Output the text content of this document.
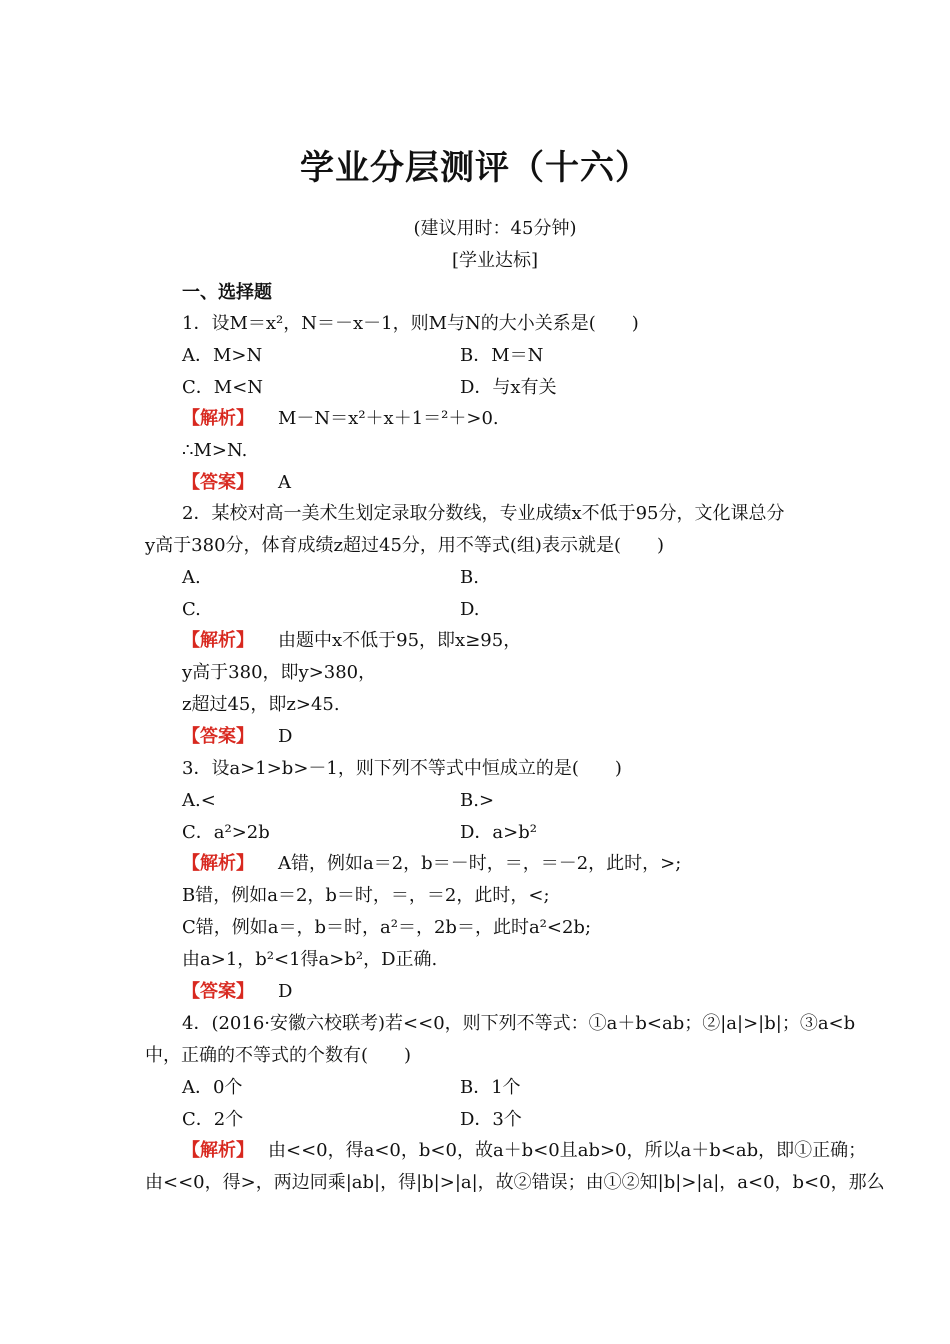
学业分层测评（十六）
(建议用时：45分钟)
[学业达标]
一、选择题
1．设M＝x²，N＝－x－1，则M与N的大小关系是(　　)
A．M>N	B．M＝N
C．M<N	D．与x有关
【解析】 M－N＝x²＋x＋1＝²＋>0.
∴M>N.
【答案】 A
2．某校对高一美术生划定录取分数线，专业成绩x不低于95分，文化课总分
y高于380分，体育成绩z超过45分，用不等式(组)表示就是(　　)
A.	B.
C.	D.
【解析】 由题中x不低于95，即x≥95，
y高于380，即y>380，
z超过45，即z>45.
【答案】 D
3．设a>1>b>－1，则下列不等式中恒成立的是(　　)
A.<	B.>
C．a²>2b	D．a>b²
【解析】 A错，例如a＝2，b＝－时，＝，＝－2，此时，>;
B错，例如a＝2，b＝时，＝，＝2，此时，<;
C错，例如a＝，b＝时，a²＝，2b＝，此时a²<2b;
由a>1，b²<1得a>b²，D正确.
【答案】 D
4．(2016·安徽六校联考)若<<0，则下列不等式：①a＋b<ab；②|a|>|b|；③a<b
中，正确的不等式的个数有(　　)
A．0个	B．1个
C．2个	D．3个
【解析】 由<<0，得a<0，b<0，故a＋b<0且ab>0，所以a＋b<ab，即①正确；
由<<0，得>，两边同乘|ab|，得|b|>|a|，故②错误；由①②知|b|>|a|，a<0，b<0，那么
